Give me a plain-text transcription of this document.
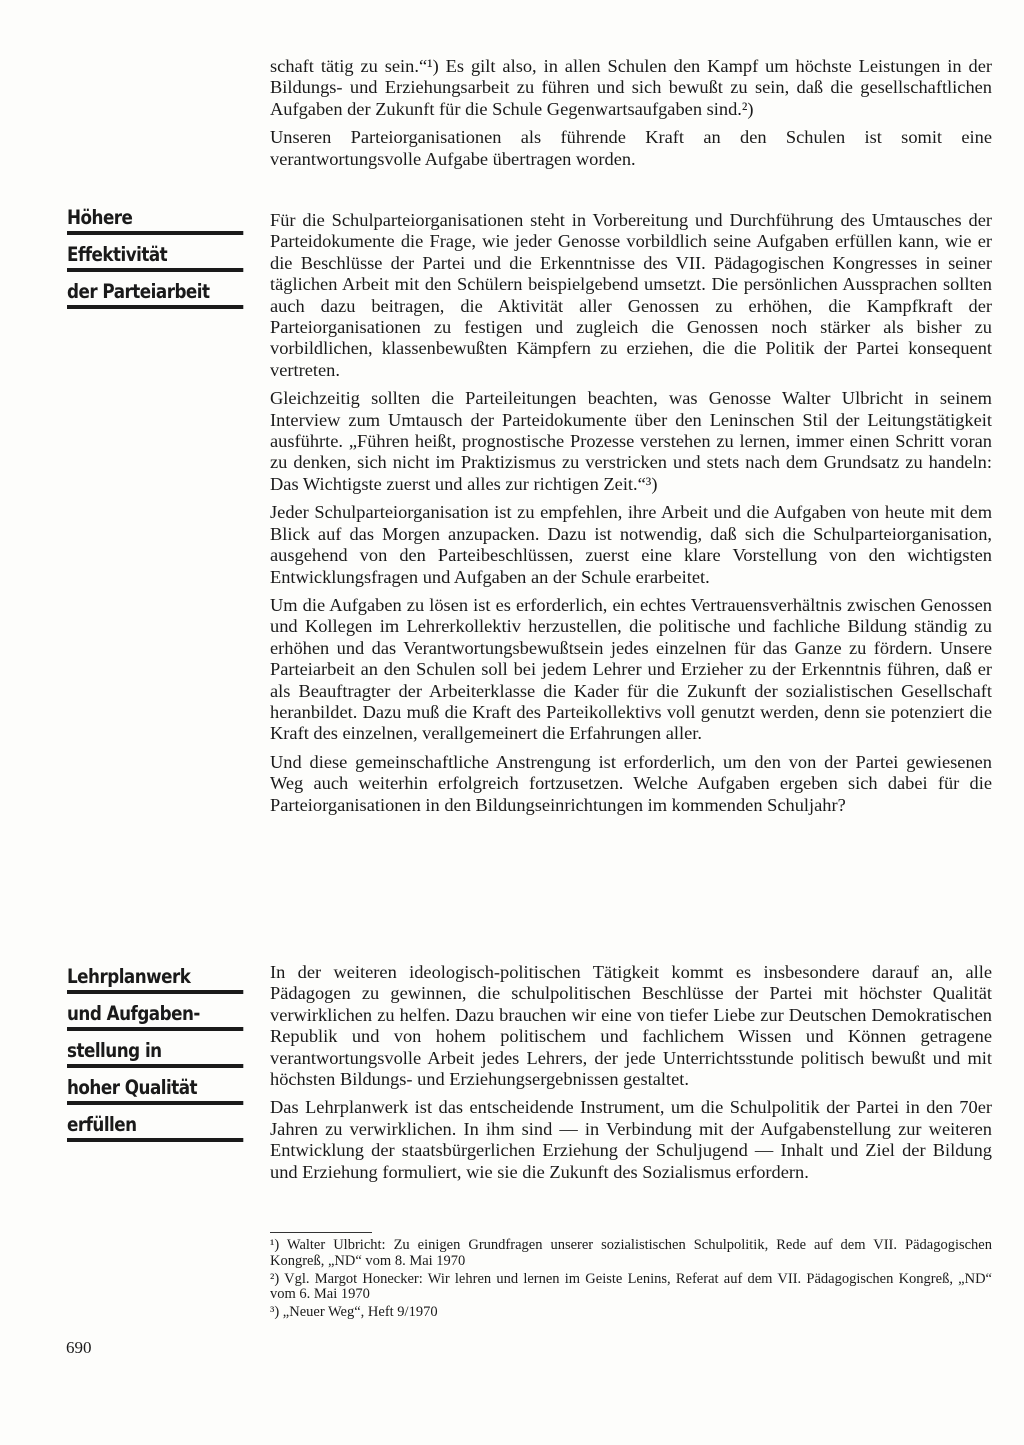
schaft tätig zu sein.“¹) Es gilt also, in allen Schulen den Kampf um höchste Leistungen in der Bildungs- und Erziehungsarbeit zu führen und sich bewußt zu sein, daß die gesellschaftlichen Aufgaben der Zukunft für die Schule Gegenwartsaufgaben sind.²)

Unseren Parteiorganisationen als führende Kraft an den Schulen ist somit eine verantwortungsvolle Aufgabe übertragen worden.

Höhere
Effektivität
der Parteiarbeit

Für die Schulparteiorganisationen steht in Vorbereitung und Durchführung des Umtausches der Parteidokumente die Frage, wie jeder Genosse vorbildlich seine Aufgaben erfüllen kann, wie er die Beschlüsse der Partei und die Erkenntnisse des VII. Pädagogischen Kongresses in seiner täglichen Arbeit mit den Schülern beispielgebend umsetzt. Die persönlichen Aussprachen sollten auch dazu beitragen, die Aktivität aller Genossen zu erhöhen, die Kampfkraft der Parteiorganisationen zu festigen und zugleich die Genossen noch stärker als bisher zu vorbildlichen, klassenbewußten Kämpfern zu erziehen, die die Politik der Partei konsequent vertreten.

Gleichzeitig sollten die Parteileitungen beachten, was Genosse Walter Ulbricht in seinem Interview zum Umtausch der Parteidokumente über den Leninschen Stil der Leitungstätigkeit ausführte. „Führen heißt, prognostische Prozesse verstehen zu lernen, immer einen Schritt voran zu denken, sich nicht im Praktizismus zu verstricken und stets nach dem Grundsatz zu handeln: Das Wichtigste zuerst und alles zur richtigen Zeit.“³)

Jeder Schulparteiorganisation ist zu empfehlen, ihre Arbeit und die Aufgaben von heute mit dem Blick auf das Morgen anzupacken. Dazu ist notwendig, daß sich die Schulparteiorganisation, ausgehend von den Parteibeschlüssen, zuerst eine klare Vorstellung von den wichtigsten Entwicklungsfragen und Aufgaben an der Schule erarbeitet.

Um die Aufgaben zu lösen ist es erforderlich, ein echtes Vertrauensverhältnis zwischen Genossen und Kollegen im Lehrerkollektiv herzustellen, die politische und fachliche Bildung ständig zu erhöhen und das Verantwortungsbewußtsein jedes einzelnen für das Ganze zu fördern. Unsere Parteiarbeit an den Schulen soll bei jedem Lehrer und Erzieher zu der Erkenntnis führen, daß er als Beauftragter der Arbeiterklasse die Kader für die Zukunft der sozialistischen Gesellschaft heranbildet. Dazu muß die Kraft des Parteikollektivs voll genutzt werden, denn sie potenziert die Kraft des einzelnen, verallgemeinert die Erfahrungen aller.

Und diese gemeinschaftliche Anstrengung ist erforderlich, um den von der Partei gewiesenen Weg auch weiterhin erfolgreich fortzusetzen. Welche Aufgaben ergeben sich dabei für die Parteiorganisationen in den Bildungseinrichtungen im kommenden Schuljahr?

Lehrplanwerk
und Aufgaben-
stellung in
hoher Qualität
erfüllen

In der weiteren ideologisch-politischen Tätigkeit kommt es insbesondere darauf an, alle Pädagogen zu gewinnen, die schulpolitischen Beschlüsse der Partei mit höchster Qualität verwirklichen zu helfen. Dazu brauchen wir eine von tiefer Liebe zur Deutschen Demokratischen Republik und von hohem politischem und fachlichem Wissen und Können getragene verantwortungsvolle Arbeit jedes Lehrers, der jede Unterrichtsstunde politisch bewußt und mit höchsten Bildungs- und Erziehungsergebnissen gestaltet.

Das Lehrplanwerk ist das entscheidende Instrument, um die Schulpolitik der Partei in den 70er Jahren zu verwirklichen. In ihm sind — in Verbindung mit der Aufgabenstellung zur weiteren Entwicklung der staatsbürgerlichen Erziehung der Schuljugend — Inhalt und Ziel der Bildung und Erziehung formuliert, wie sie die Zukunft des Sozialismus erfordern.

¹) Walter Ulbricht: Zu einigen Grundfragen unserer sozialistischen Schulpolitik, Rede auf dem VII. Pädagogischen Kongreß, „ND“ vom 8. Mai 1970

²) Vgl. Margot Honecker: Wir lehren und lernen im Geiste Lenins, Referat auf dem VII. Pädagogischen Kongreß, „ND“ vom 6. Mai 1970

³) „Neuer Weg“, Heft 9/1970

690
